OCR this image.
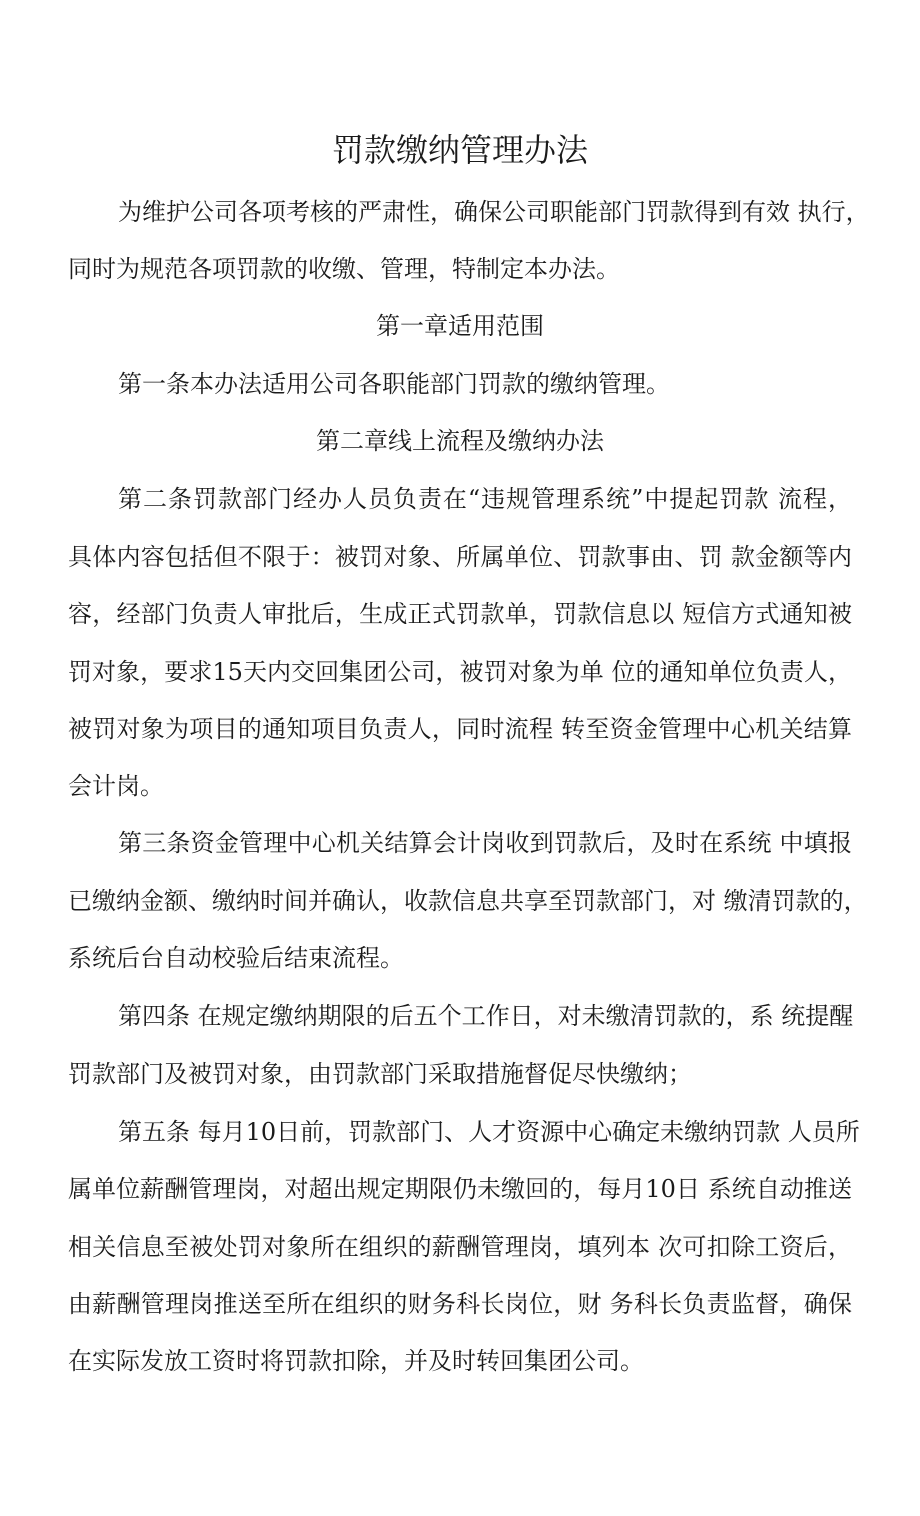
罚款缴纳管理办法
为维护公司各项考核的严肃性，确保公司职能部门罚款得到有效 执行，
同时为规范各项罚款的收缴、管理，特制定本办法。
第一章适用范围
第一条本办法适用公司各职能部门罚款的缴纳管理。
第二章线上流程及缴纳办法
第二条罚款部门经办人员负责在“违规管理系统”中提起罚款 流程，
具体内容包括但不限于：被罚对象、所属单位、罚款事由、罚 款金额等内
容，经部门负责人审批后，生成正式罚款单，罚款信息以 短信方式通知被
罚对象，要求15天内交回集团公司，被罚对象为单 位的通知单位负责人，
被罚对象为项目的通知项目负责人，同时流程 转至资金管理中心机关结算
会计岗。
第三条资金管理中心机关结算会计岗收到罚款后，及时在系统 中填报
已缴纳金额、缴纳时间并确认，收款信息共享至罚款部门，对 缴清罚款的，
系统后台自动校验后结束流程。
第四条 在规定缴纳期限的后五个工作日，对未缴清罚款的，系 统提醒
罚款部门及被罚对象，由罚款部门采取措施督促尽快缴纳；
第五条 每月10日前，罚款部门、人才资源中心确定未缴纳罚款 人员所
属单位薪酬管理岗，对超出规定期限仍未缴回的，每月10日 系统自动推送
相关信息至被处罚对象所在组织的薪酬管理岗，填列本 次可扣除工资后，
由薪酬管理岗推送至所在组织的财务科长岗位，财 务科长负责监督，确保
在实际发放工资时将罚款扣除，并及时转回集团公司。
